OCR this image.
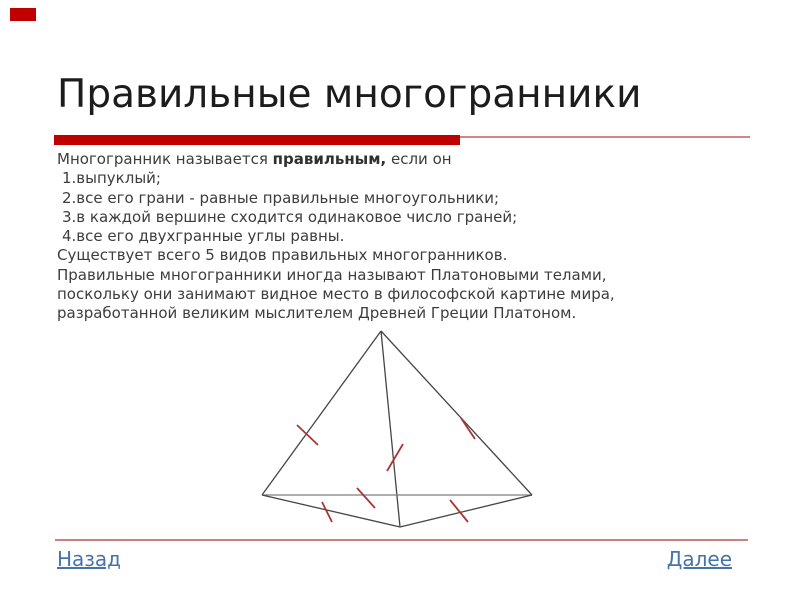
Правильные многогранники
Многогранник называется правильным, если он
1.выпуклый;
2.все его грани - равные правильные многоугольники;
3.в каждой вершине сходится одинаковое число граней;
4.все его двухгранные углы равны.
Существует всего 5 видов правильных многогранников.
Правильные многогранники иногда называют Платоновыми телами,
поскольку они занимают видное место в философской картине мира,
разработанной великим мыслителем Древней Греции Платоном.
Назад	Далее
